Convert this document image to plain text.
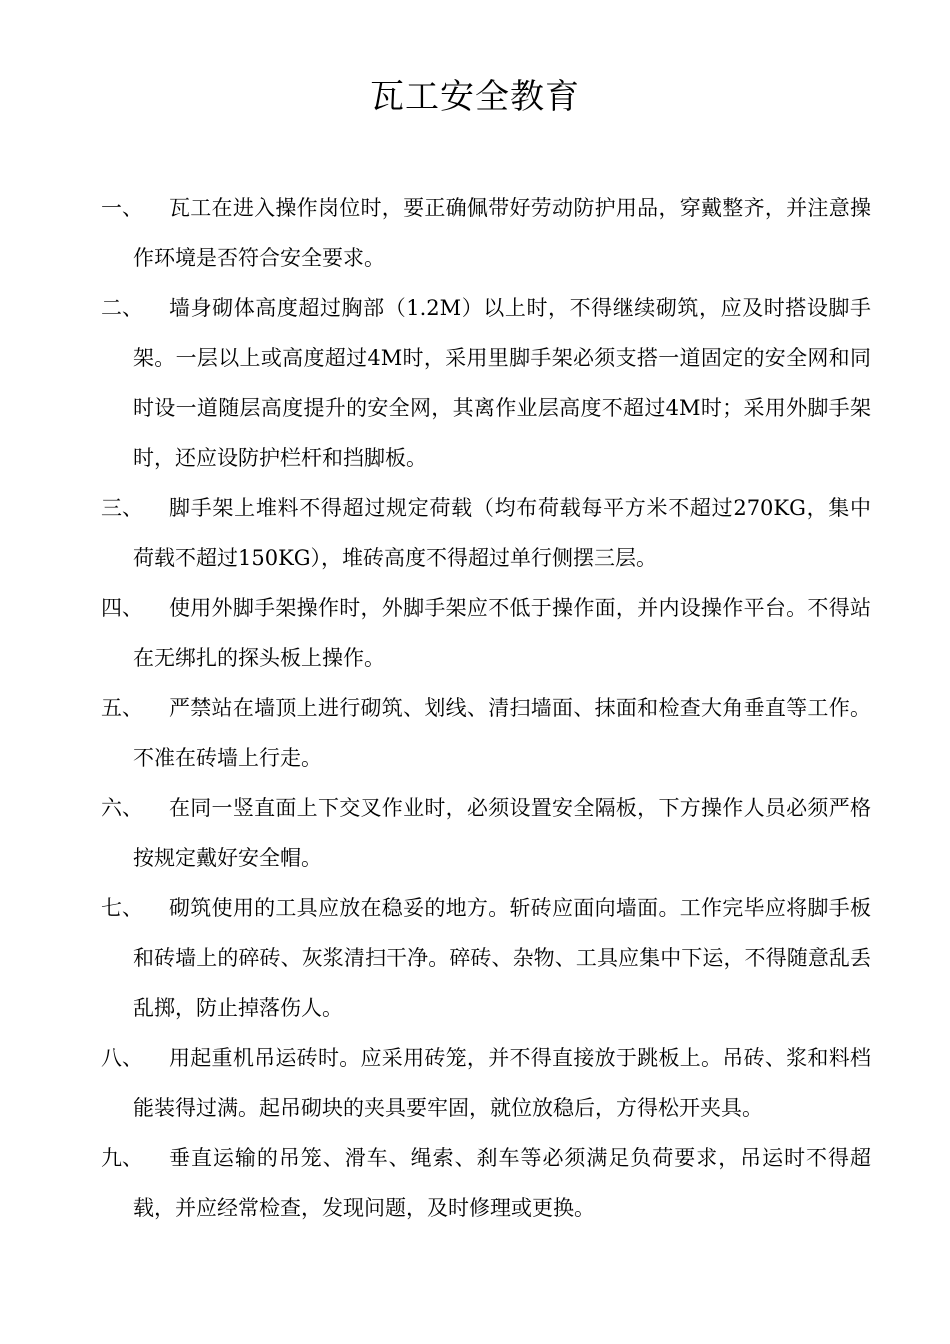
瓦工安全教育
一、	瓦工在进入操作岗位时，要正确佩带好劳动防护用品，穿戴整齐，并注意操作环境是否符合安全要求。
二、	墙身砌体高度超过胸部（1.2M）以上时，不得继续砌筑，应及时搭设脚手架。一层以上或高度超过4M时，采用里脚手架必须支搭一道固定的安全网和同时设一道随层高度提升的安全网，其离作业层高度不超过4M时；采用外脚手架时，还应设防护栏杆和挡脚板。
三、	脚手架上堆料不得超过规定荷载（均布荷载每平方米不超过270KG，集中荷载不超过150KG），堆砖高度不得超过单行侧摆三层。
四、	使用外脚手架操作时，外脚手架应不低于操作面，并内设操作平台。不得站在无绑扎的探头板上操作。
五、	严禁站在墙顶上进行砌筑、划线、清扫墙面、抹面和检查大角垂直等工作。不准在砖墙上行走。
六、	在同一竖直面上下交叉作业时，必须设置安全隔板，下方操作人员必须严格按规定戴好安全帽。
七、	砌筑使用的工具应放在稳妥的地方。斩砖应面向墙面。工作完毕应将脚手板和砖墙上的碎砖、灰浆清扫干净。碎砖、杂物、工具应集中下运，不得随意乱丢乱掷，防止掉落伤人。
八、	用起重机吊运砖时。应采用砖笼，并不得直接放于跳板上。吊砖、浆和料档能装得过满。起吊砌块的夹具要牢固，就位放稳后，方得松开夹具。
九、	垂直运输的吊笼、滑车、绳索、刹车等必须满足负荷要求，吊运时不得超载，并应经常检查，发现问题，及时修理或更换。
